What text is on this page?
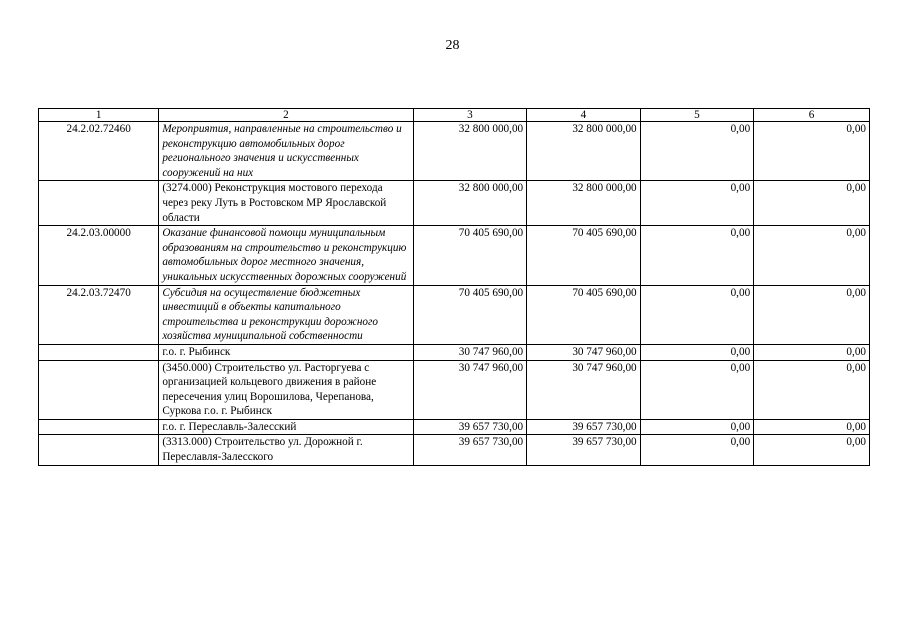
28
1	2	3	4	5	6
24.2.02.72460	Мероприятия, направленные на строительство и реконструкцию автомобильных дорог регионального значения и искусственных сооружений на них	32 800 000,00	32 800 000,00	0,00	0,00
	(3274.000) Реконструкция мостового перехода через реку Луть в Ростовском МР Ярославской области	32 800 000,00	32 800 000,00	0,00	0,00
24.2.03.00000	Оказание финансовой помощи муниципальным образованиям на строительство и реконструкцию автомобильных дорог местного значения, уникальных искусственных дорожных сооружений	70 405 690,00	70 405 690,00	0,00	0,00
24.2.03.72470	Субсидия на осуществление бюджетных инвестиций в объекты капитального строительства и реконструкции дорожного хозяйства муниципальной собственности	70 405 690,00	70 405 690,00	0,00	0,00
	г.о. г. Рыбинск	30 747 960,00	30 747 960,00	0,00	0,00
	(3450.000) Строительство ул. Расторгуева с организацией кольцевого движения в районе пересечения улиц Ворошилова, Черепанова, Суркова г.о. г. Рыбинск	30 747 960,00	30 747 960,00	0,00	0,00
	г.о. г. Переславль-Залесский	39 657 730,00	39 657 730,00	0,00	0,00
	(3313.000) Строительство ул. Дорожной г. Переславля-Залесского	39 657 730,00	39 657 730,00	0,00	0,00
